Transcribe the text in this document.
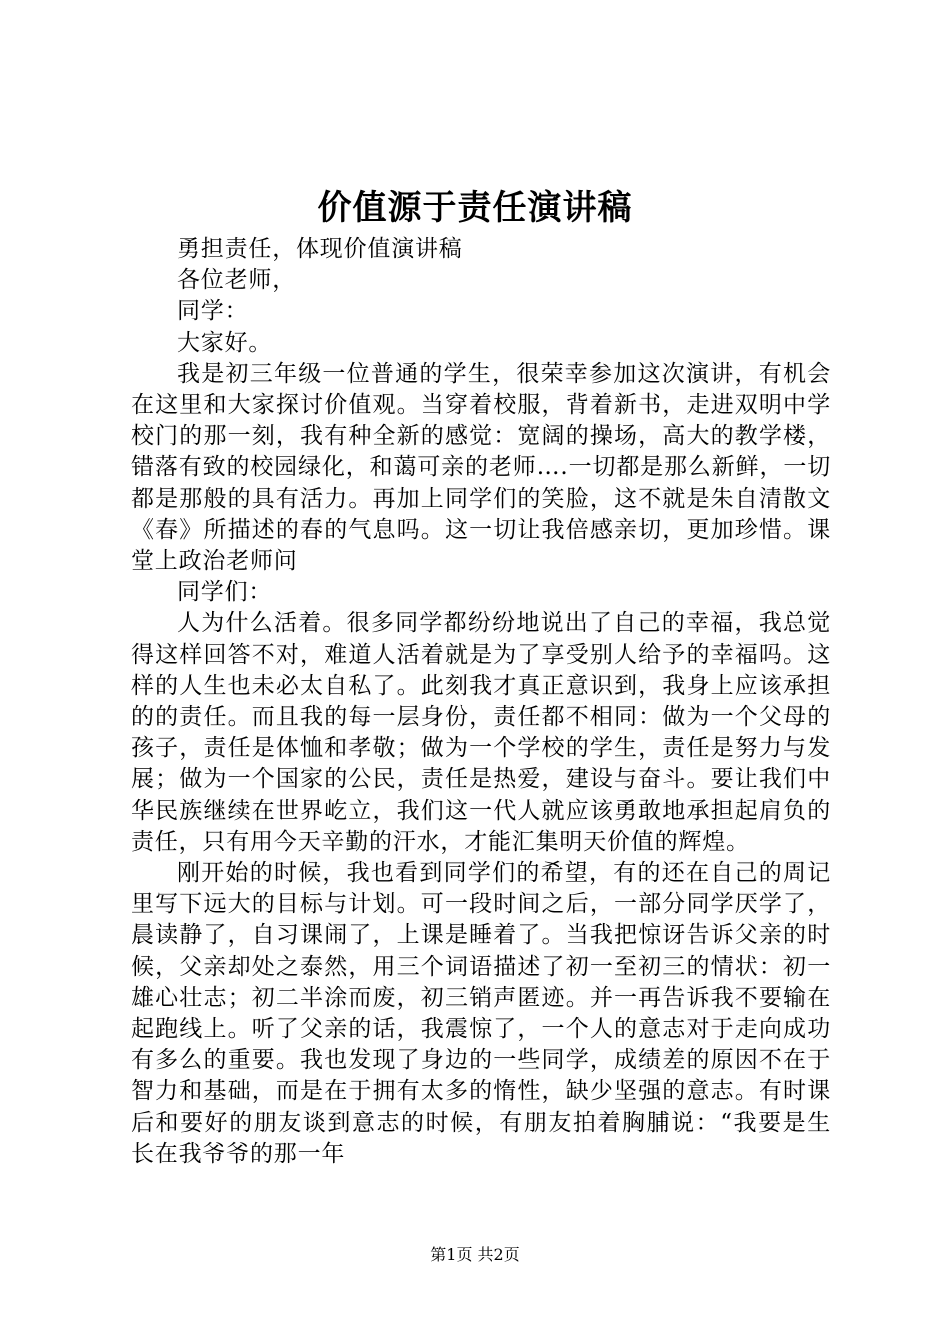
价值源于责任演讲稿

勇担责任，体现价值演讲稿

各位老师，

同学：

大家好。

我是初三年级一位普通的学生，很荣幸参加这次演讲，有机会在这里和大家探讨价值观。当穿着校服，背着新书，走进双明中学校门的那一刻，我有种全新的感觉：宽阔的操场，高大的教学楼，错落有致的校园绿化，和蔼可亲的老师….一切都是那么新鲜，一切都是那般的具有活力。再加上同学们的笑脸，这不就是朱自清散文《春》所描述的春的气息吗。这一切让我倍感亲切，更加珍惜。课堂上政治老师问

同学们：

人为什么活着。很多同学都纷纷地说出了自己的幸福，我总觉得这样回答不对，难道人活着就是为了享受别人给予的幸福吗。这样的人生也未必太自私了。此刻我才真正意识到，我身上应该承担的的责任。而且我的每一层身份，责任都不相同：做为一个父母的孩子，责任是体恤和孝敬；做为一个学校的学生，责任是努力与发展；做为一个国家的公民，责任是热爱，建设与奋斗。要让我们中华民族继续在世界屹立，我们这一代人就应该勇敢地承担起肩负的责任，只有用今天辛勤的汗水，才能汇集明天价值的辉煌。

刚开始的时候，我也看到同学们的希望，有的还在自己的周记里写下远大的目标与计划。可一段时间之后，一部分同学厌学了，晨读静了，自习课闹了，上课是睡着了。当我把惊讶告诉父亲的时候，父亲却处之泰然，用三个词语描述了初一至初三的情状：初一雄心壮志；初二半涂而废，初三销声匿迹。并一再告诉我不要输在起跑线上。听了父亲的话，我震惊了，一个人的意志对于走向成功有多么的重要。我也发现了身边的一些同学，成绩差的原因不在于智力和基础，而是在于拥有太多的惰性，缺少坚强的意志。有时课后和要好的朋友谈到意志的时候，有朋友拍着胸脯说：“我要是生长在我爷爷的那一年

第1页 共2页
